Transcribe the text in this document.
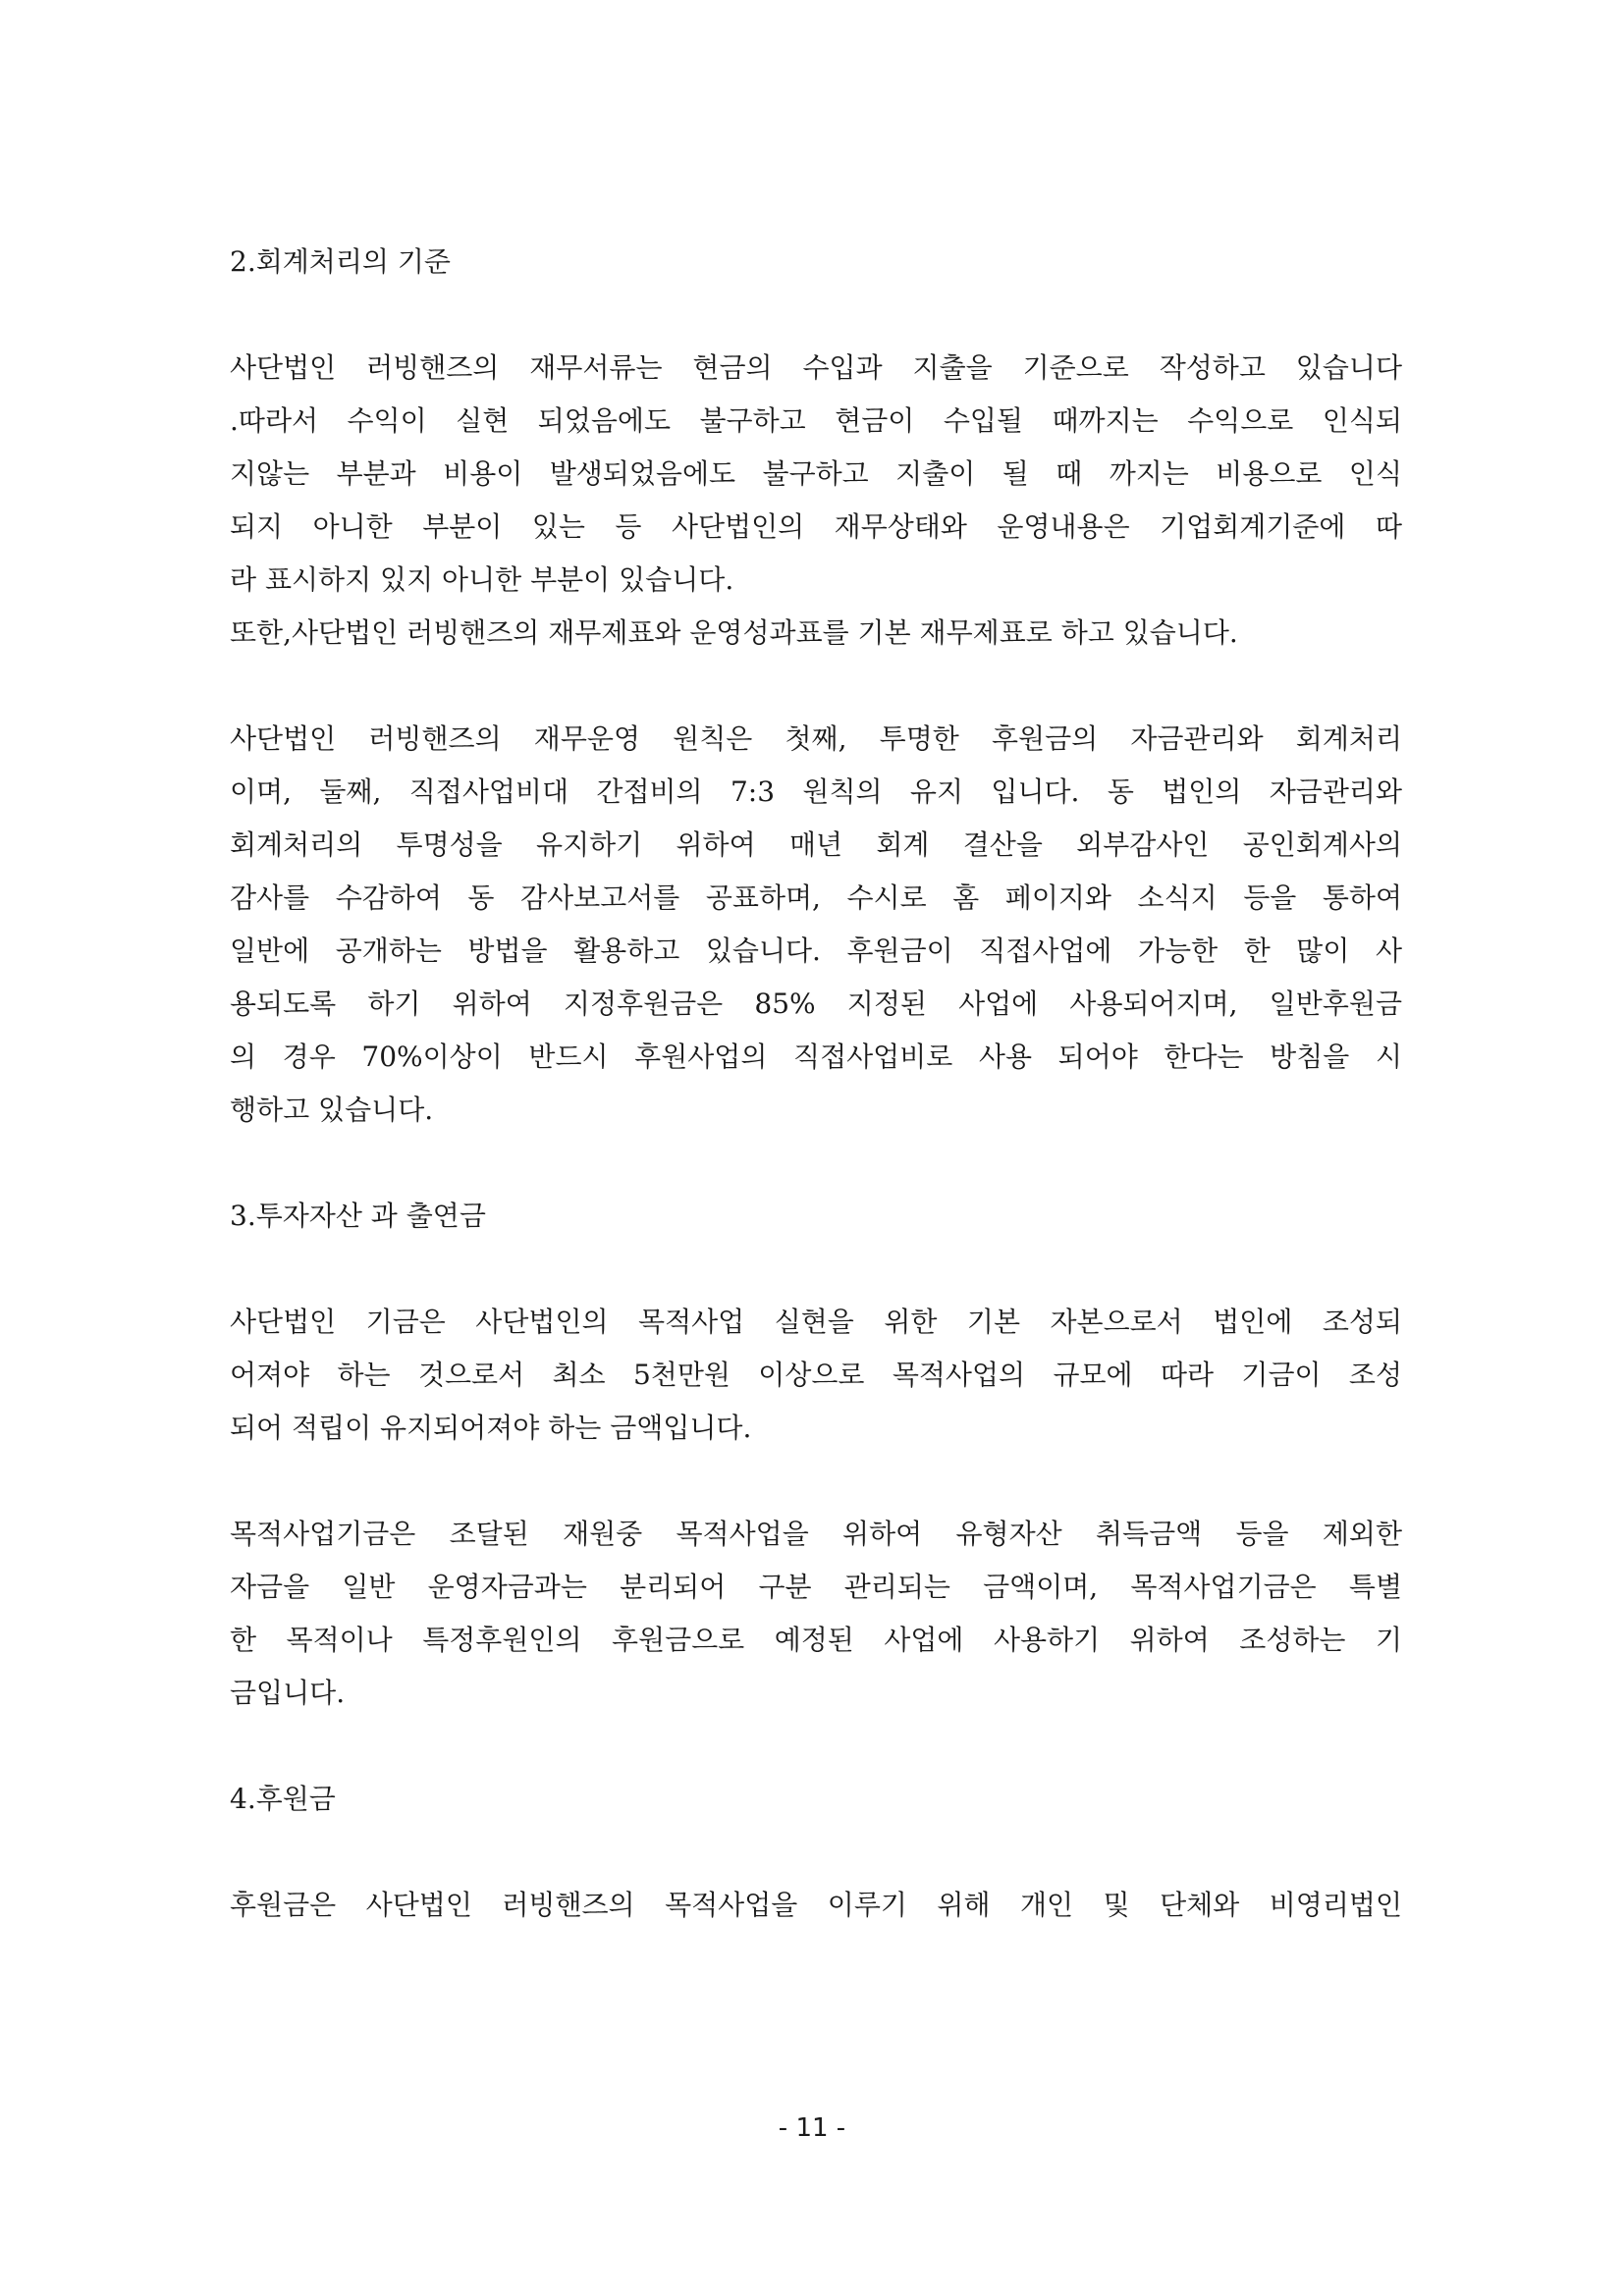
2.회계처리의 기준

사단법인 러빙핸즈의 재무서류는 현금의 수입과 지출을 기준으로 작성하고 있습니다
.따라서 수익이 실현 되었음에도 불구하고 현금이 수입될 때까지는 수익으로 인식되
지않는 부분과 비용이 발생되었음에도 불구하고 지출이 될 때 까지는 비용으로 인식
되지 아니한 부분이 있는 등 사단법인의 재무상태와 운영내용은 기업회계기준에 따
라 표시하지 있지 아니한 부분이 있습니다.
또한,사단법인 러빙핸즈의 재무제표와 운영성과표를 기본 재무제표로 하고 있습니다.

사단법인 러빙핸즈의 재무운영 원칙은 첫째, 투명한 후원금의 자금관리와 회계처리
이며, 둘째, 직접사업비대 간접비의 7:3 원칙의 유지 입니다. 동 법인의 자금관리와
회계처리의 투명성을 유지하기 위하여 매년 회계 결산을 외부감사인 공인회계사의
감사를 수감하여 동 감사보고서를 공표하며, 수시로 홈 페이지와 소식지 등을 통하여
일반에 공개하는 방법을 활용하고 있습니다. 후원금이 직접사업에 가능한 한 많이 사
용되도록 하기 위하여 지정후원금은 85% 지정된 사업에 사용되어지며, 일반후원금
의 경우 70%이상이 반드시 후원사업의 직접사업비로 사용 되어야 한다는 방침을 시
행하고 있습니다.

3.투자자산 과 출연금

사단법인 기금은 사단법인의 목적사업 실현을 위한 기본 자본으로서 법인에 조성되
어져야 하는 것으로서 최소 5천만원 이상으로 목적사업의 규모에 따라 기금이 조성
되어 적립이 유지되어져야 하는 금액입니다.

목적사업기금은 조달된 재원중 목적사업을 위하여 유형자산 취득금액 등을 제외한
자금을 일반 운영자금과는 분리되어 구분 관리되는 금액이며, 목적사업기금은 특별
한 목적이나 특정후원인의 후원금으로 예정된 사업에 사용하기 위하여 조성하는 기
금입니다.

4.후원금

후원금은 사단법인 러빙핸즈의 목적사업을 이루기 위해 개인 및 단체와 비영리법인

- 11 -
